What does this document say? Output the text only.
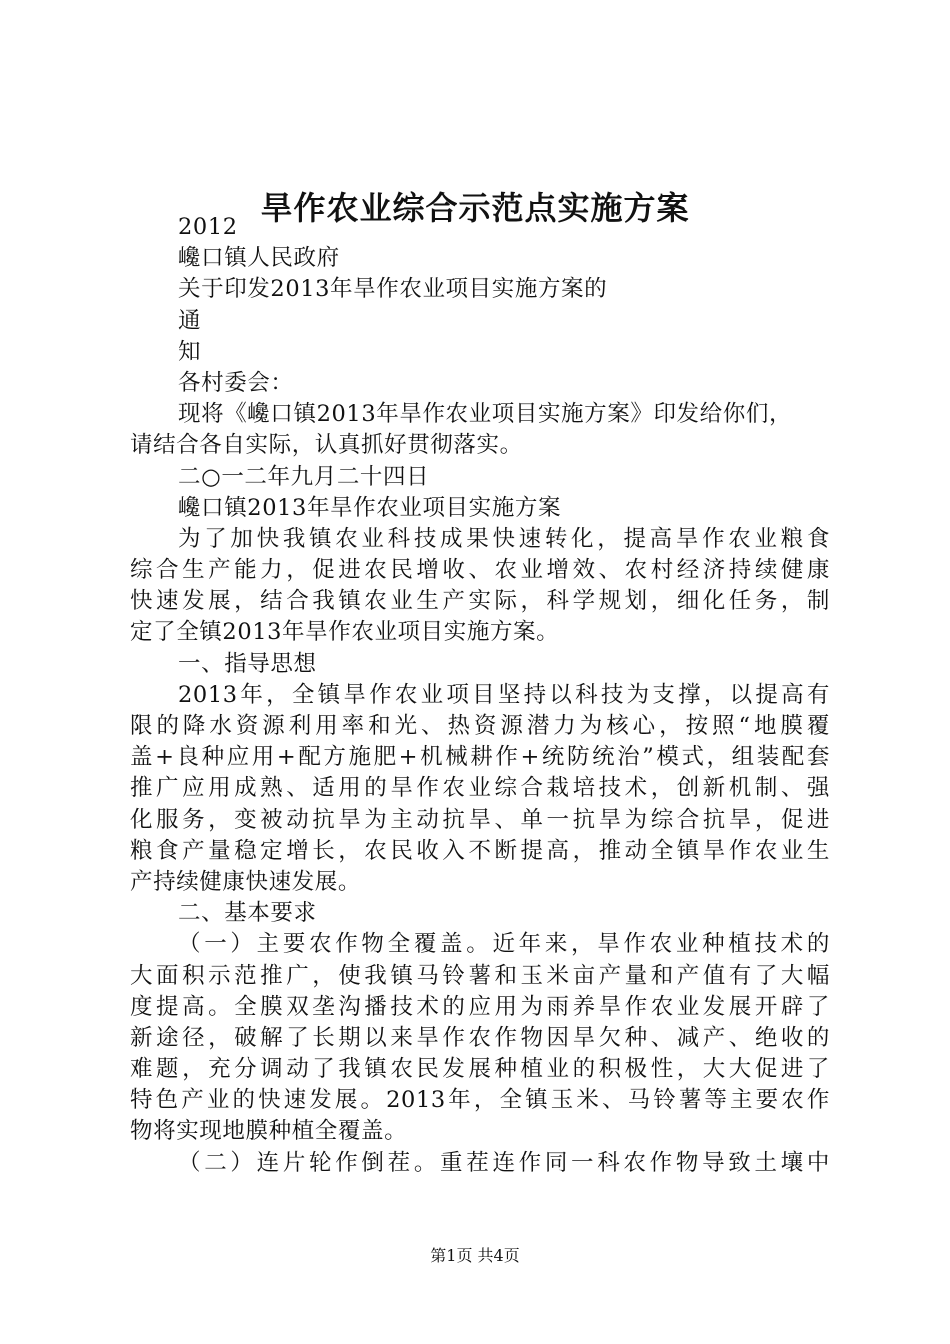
旱作农业综合示范点实施方案
2012
巉口镇人民政府
关于印发2013年旱作农业项目实施方案的
通
知
各村委会：
现将《巉口镇2013年旱作农业项目实施方案》印发给你们，
请结合各自实际，认真抓好贯彻落实。
二○一二年九月二十四日
巉口镇2013年旱作农业项目实施方案
为了加快我镇农业科技成果快速转化，提高旱作农业粮食
综合生产能力，促进农民增收、农业增效、农村经济持续健康
快速发展，结合我镇农业生产实际，科学规划，细化任务，制
定了全镇2013年旱作农业项目实施方案。
一、指导思想
2013年，全镇旱作农业项目坚持以科技为支撑，以提高有
限的降水资源利用率和光、热资源潜力为核心，按照“地膜覆
盖+良种应用+配方施肥+机械耕作+统防统治”模式，组装配套
推广应用成熟、适用的旱作农业综合栽培技术，创新机制、强
化服务，变被动抗旱为主动抗旱、单一抗旱为综合抗旱，促进
粮食产量稳定增长，农民收入不断提高，推动全镇旱作农业生
产持续健康快速发展。
二、基本要求
（一）主要农作物全覆盖。近年来，旱作农业种植技术的
大面积示范推广，使我镇马铃薯和玉米亩产量和产值有了大幅
度提高。全膜双垄沟播技术的应用为雨养旱作农业发展开辟了
新途径，破解了长期以来旱作农作物因旱欠种、减产、绝收的
难题，充分调动了我镇农民发展种植业的积极性，大大促进了
特色产业的快速发展。2013年，全镇玉米、马铃薯等主要农作
物将实现地膜种植全覆盖。
（二）连片轮作倒茬。重茬连作同一科农作物导致土壤中
第1页 共4页
